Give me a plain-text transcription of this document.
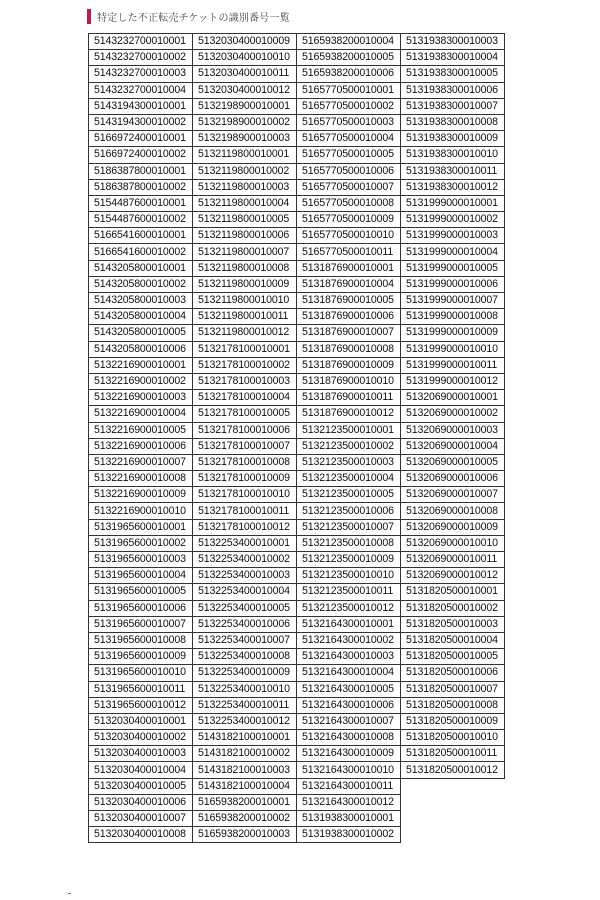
特定した不正転売チケットの識別番号一覧
5143232700010001	5132030400010009	5165938200010004	5131938300010003
5143232700010002	5132030400010010	5165938200010005	5131938300010004
5143232700010003	5132030400010011	5165938200010006	5131938300010005
5143232700010004	5132030400010012	5165770500010001	5131938300010006
5143194300010001	5132198900010001	5165770500010002	5131938300010007
5143194300010002	5132198900010002	5165770500010003	5131938300010008
5166972400010001	5132198900010003	5165770500010004	5131938300010009
5166972400010002	5132119800010001	5165770500010005	5131938300010010
5186387800010001	5132119800010002	5165770500010006	5131938300010011
5186387800010002	5132119800010003	5165770500010007	5131938300010012
5154487600010001	5132119800010004	5165770500010008	5131999000010001
5154487600010002	5132119800010005	5165770500010009	5131999000010002
5166541600010001	5132119800010006	5165770500010010	5131999000010003
5166541600010002	5132119800010007	5165770500010011	5131999000010004
5143205800010001	5132119800010008	5131876900010001	5131999000010005
5143205800010002	5132119800010009	5131876900010004	5131999000010006
5143205800010003	5132119800010010	5131876900010005	5131999000010007
5143205800010004	5132119800010011	5131876900010006	5131999000010008
5143205800010005	5132119800010012	5131876900010007	5131999000010009
5143205800010006	5132178100010001	5131876900010008	5131999000010010
5132216900010001	5132178100010002	5131876900010009	5131999000010011
5132216900010002	5132178100010003	5131876900010010	5131999000010012
5132216900010003	5132178100010004	5131876900010011	5132069000010001
5132216900010004	5132178100010005	5131876900010012	5132069000010002
5132216900010005	5132178100010006	5132123500010001	5132069000010003
5132216900010006	5132178100010007	5132123500010002	5132069000010004
5132216900010007	5132178100010008	5132123500010003	5132069000010005
5132216900010008	5132178100010009	5132123500010004	5132069000010006
5132216900010009	5132178100010010	5132123500010005	5132069000010007
5132216900010010	5132178100010011	5132123500010006	5132069000010008
5131965600010001	5132178100010012	5132123500010007	5132069000010009
5131965600010002	5132253400010001	5132123500010008	5132069000010010
5131965600010003	5132253400010002	5132123500010009	5132069000010011
5131965600010004	5132253400010003	5132123500010010	5132069000010012
5131965600010005	5132253400010004	5132123500010011	5131820500010001
5131965600010006	5132253400010005	5132123500010012	5131820500010002
5131965600010007	5132253400010006	5132164300010001	5131820500010003
5131965600010008	5132253400010007	5132164300010002	5131820500010004
5131965600010009	5132253400010008	5132164300010003	5131820500010005
5131965600010010	5132253400010009	5132164300010004	5131820500010006
5131965600010011	5132253400010010	5132164300010005	5131820500010007
5131965600010012	5132253400010011	5132164300010006	5131820500010008
5132030400010001	5132253400010012	5132164300010007	5131820500010009
5132030400010002	5143182100010001	5132164300010008	5131820500010010
5132030400010003	5143182100010002	5132164300010009	5131820500010011
5132030400010004	5143182100010003	5132164300010010	5131820500010012
5132030400010005	5143182100010004	5132164300010011	
5132030400010006	5165938200010001	5132164300010012	
5132030400010007	5165938200010002	5131938300010001	
5132030400010008	5165938200010003	5131938300010002	
